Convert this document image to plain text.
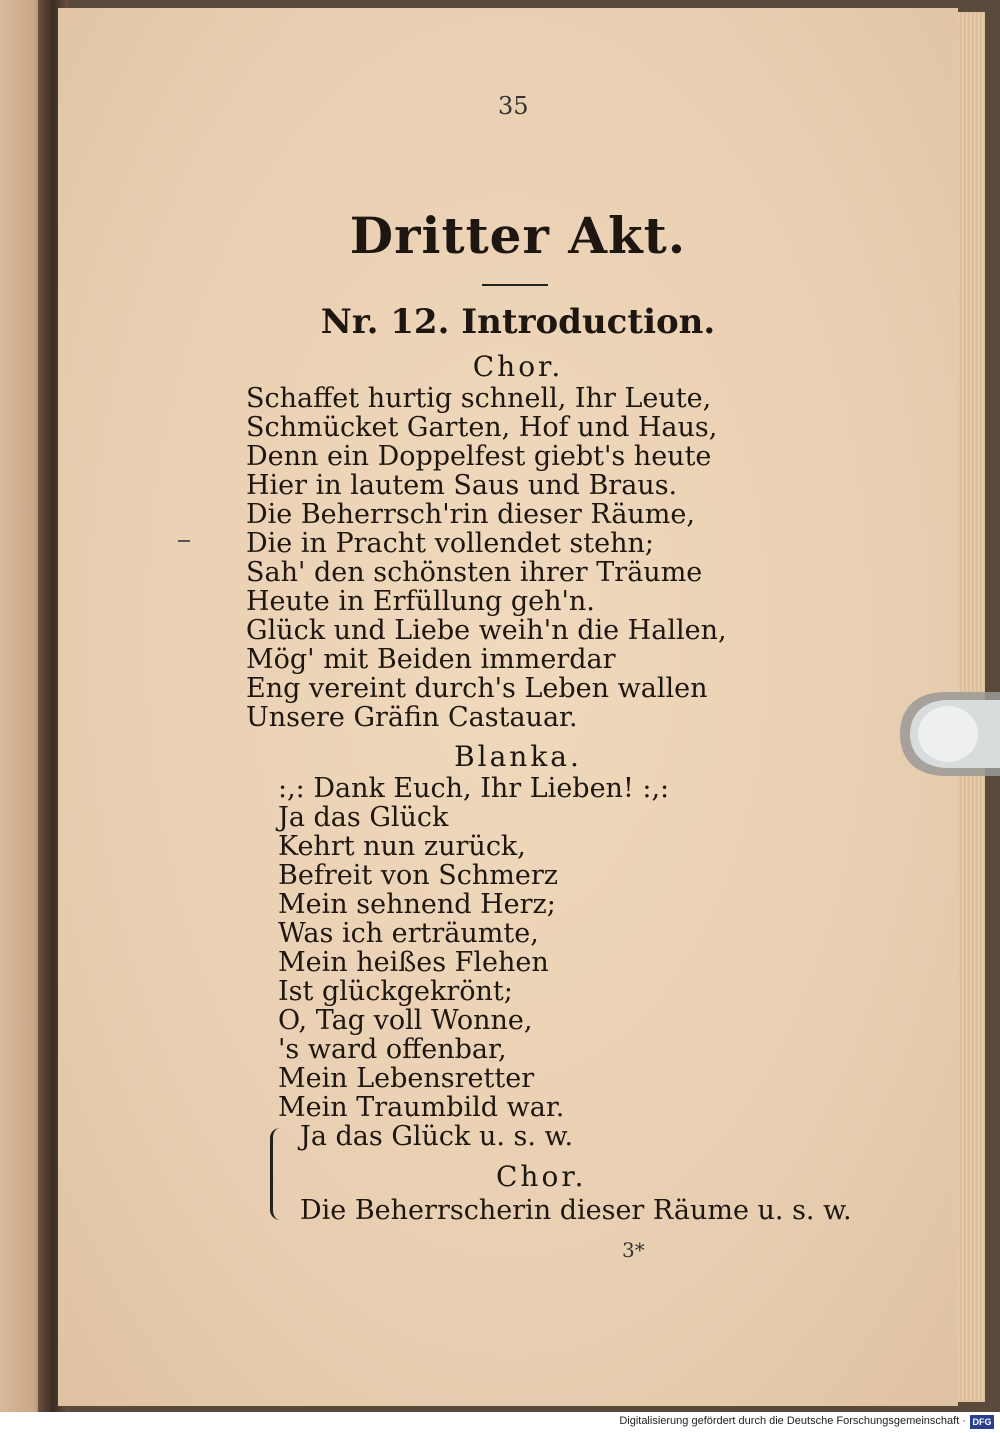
35
Dritter Akt.
Nr. 12. Introduction.
Chor.
Schaffet hurtig schnell, Ihr Leute,
Schmücket Garten, Hof und Haus,
Denn ein Doppelfest giebt's heute
Hier in lautem Saus und Braus.
Die Beherrsch'rin dieser Räume,
Die in Pracht vollendet stehn;
Sah' den schönsten ihrer Träume
Heute in Erfüllung geh'n.
Glück und Liebe weih'n die Hallen,
Mög' mit Beiden immerdar
Eng vereint durch's Leben wallen
Unsere Gräfin Castauar.
Blanka.
:,: Dank Euch, Ihr Lieben! :,:
Ja das Glück
Kehrt nun zurück,
Befreit von Schmerz
Mein sehnend Herz;
Was ich erträumte,
Mein heißes Flehen
Ist glückgekrönt;
O, Tag voll Wonne,
's ward offenbar,
Mein Lebensretter
Mein Traumbild war.
Ja das Glück u. s. w.
Chor.
Die Beherrscherin dieser Räume u. s. w.
3*
Digitalisierung gefördert durch die Deutsche Forschungsgemeinschaft · DFG
